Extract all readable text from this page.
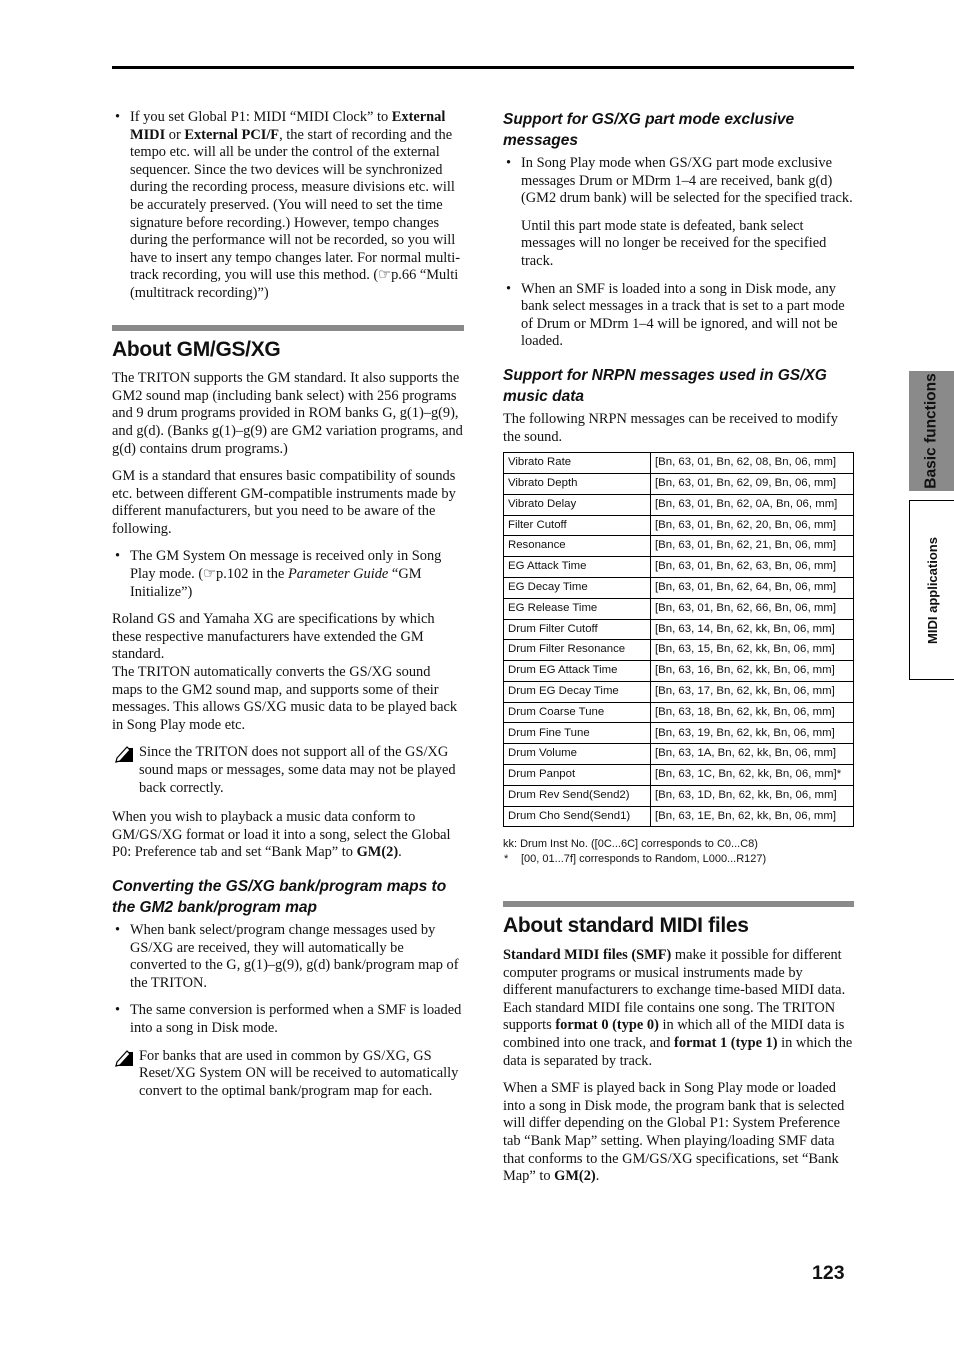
• If you set Global P1: MIDI “MIDI Clock” to External MIDI or External PCI/F, the start of recording and the tempo etc. will all be under the control of the external sequencer. Since the two devices will be synchronized during the recording process, measure divisions etc. will be accurately preserved. (You will need to set the time signature before recording.) However, tempo changes during the performance will not be recorded, so you will have to insert any tempo changes later. For normal multi-track recording, you will use this method. (☞p.66 “Multi (multitrack recording)”)
About GM/GS/XG

The TRITON supports the GM standard. It also supports the GM2 sound map (including bank select) with 256 programs and 9 drum programs provided in ROM banks G, g(1)–g(9), and g(d). (Banks g(1)–g(9) are GM2 variation programs, and g(d) contains drum programs.)

GM is a standard that ensures basic compatibility of sounds etc. between different GM-compatible instruments made by different manufacturers, but you need to be aware of the following.

• The GM System On message is received only in Song Play mode. (☞p.102 in the Parameter Guide “GM Initialize”)

Roland GS and Yamaha XG are specifications by which these respective manufacturers have extended the GM standard.

The TRITON automatically converts the GS/XG sound maps to the GM2 sound map, and supports some of their messages. This allows GS/XG music data to be played back in Song Play mode etc.

Since the TRITON does not support all of the GS/XG sound maps or messages, some data may not be played back correctly.

When you wish to playback a music data conform to GM/GS/XG format or load it into a song, select the Global P0: Preference tab and set “Bank Map” to GM(2).

Converting the GS/XG bank/program maps to the GM2 bank/program map
• When bank select/program change messages used by GS/XG are received, they will automatically be converted to the G, g(1)–g(9), g(d) bank/program map of the TRITON.
• The same conversion is performed when a SMF is loaded into a song in Disk mode.
For banks that are used in common by GS/XG, GS Reset/XG System ON will be received to automatically convert to the optimal bank/program map for each.
Support for GS/XG part mode exclusive messages
• In Song Play mode when GS/XG part mode exclusive messages Drum or MDrm 1–4 are received, bank g(d) (GM2 drum bank) will be selected for the specified track.
Until this part mode state is defeated, bank select messages will no longer be received for the specified track.
• When an SMF is loaded into a song in Disk mode, any bank select messages in a track that is set to a part mode of Drum or MDrm 1–4 will be ignored, and will not be loaded.
Support for NRPN messages used in GS/XG music data

The following NRPN messages can be received to modify the sound.

Vibrato Rate	[Bn, 63, 01, Bn, 62, 08, Bn, 06, mm]
Vibrato Depth	[Bn, 63, 01, Bn, 62, 09, Bn, 06, mm]
Vibrato Delay	[Bn, 63, 01, Bn, 62, 0A, Bn, 06, mm]
Filter Cutoff	[Bn, 63, 01, Bn, 62, 20, Bn, 06, mm]
Resonance	[Bn, 63, 01, Bn, 62, 21, Bn, 06, mm]
EG Attack Time	[Bn, 63, 01, Bn, 62, 63, Bn, 06, mm]
EG Decay Time	[Bn, 63, 01, Bn, 62, 64, Bn, 06, mm]
EG Release Time	[Bn, 63, 01, Bn, 62, 66, Bn, 06, mm]
Drum Filter Cutoff	[Bn, 63, 14, Bn, 62, kk, Bn, 06, mm]
Drum Filter Resonance	[Bn, 63, 15, Bn, 62, kk, Bn, 06, mm]
Drum EG Attack Time	[Bn, 63, 16, Bn, 62, kk, Bn, 06, mm]
Drum EG Decay Time	[Bn, 63, 17, Bn, 62, kk, Bn, 06, mm]
Drum Coarse Tune	[Bn, 63, 18, Bn, 62, kk, Bn, 06, mm]
Drum Fine Tune	[Bn, 63, 19, Bn, 62, kk, Bn, 06, mm]
Drum Volume	[Bn, 63, 1A, Bn, 62, kk, Bn, 06, mm]
Drum Panpot	[Bn, 63, 1C, Bn, 62, kk, Bn, 06, mm]*
Drum Rev Send(Send2)	[Bn, 63, 1D, Bn, 62, kk, Bn, 06, mm]
Drum Cho Send(Send1)	[Bn, 63, 1E, Bn, 62, kk, Bn, 06, mm]
kk: Drum Inst No. ([0C...6C] corresponds to C0...C8)
* [00, 01...7f] corresponds to Random, L000...R127)
About standard MIDI files

Standard MIDI files (SMF) make it possible for different computer programs or musical instruments made by different manufacturers to exchange time-based MIDI data. Each standard MIDI file contains one song. The TRITON supports format 0 (type 0) in which all of the MIDI data is combined into one track, and format 1 (type 1) in which the data is separated by track.

When a SMF is played back in Song Play mode or loaded into a song in Disk mode, the program bank that is selected will differ depending on the Global P1: System Preference tab “Bank Map” setting. When playing/loading SMF data that conforms to the GM/GS/XG specifications, set “Bank Map” to GM(2).

Basic functions
MIDI applications
123
